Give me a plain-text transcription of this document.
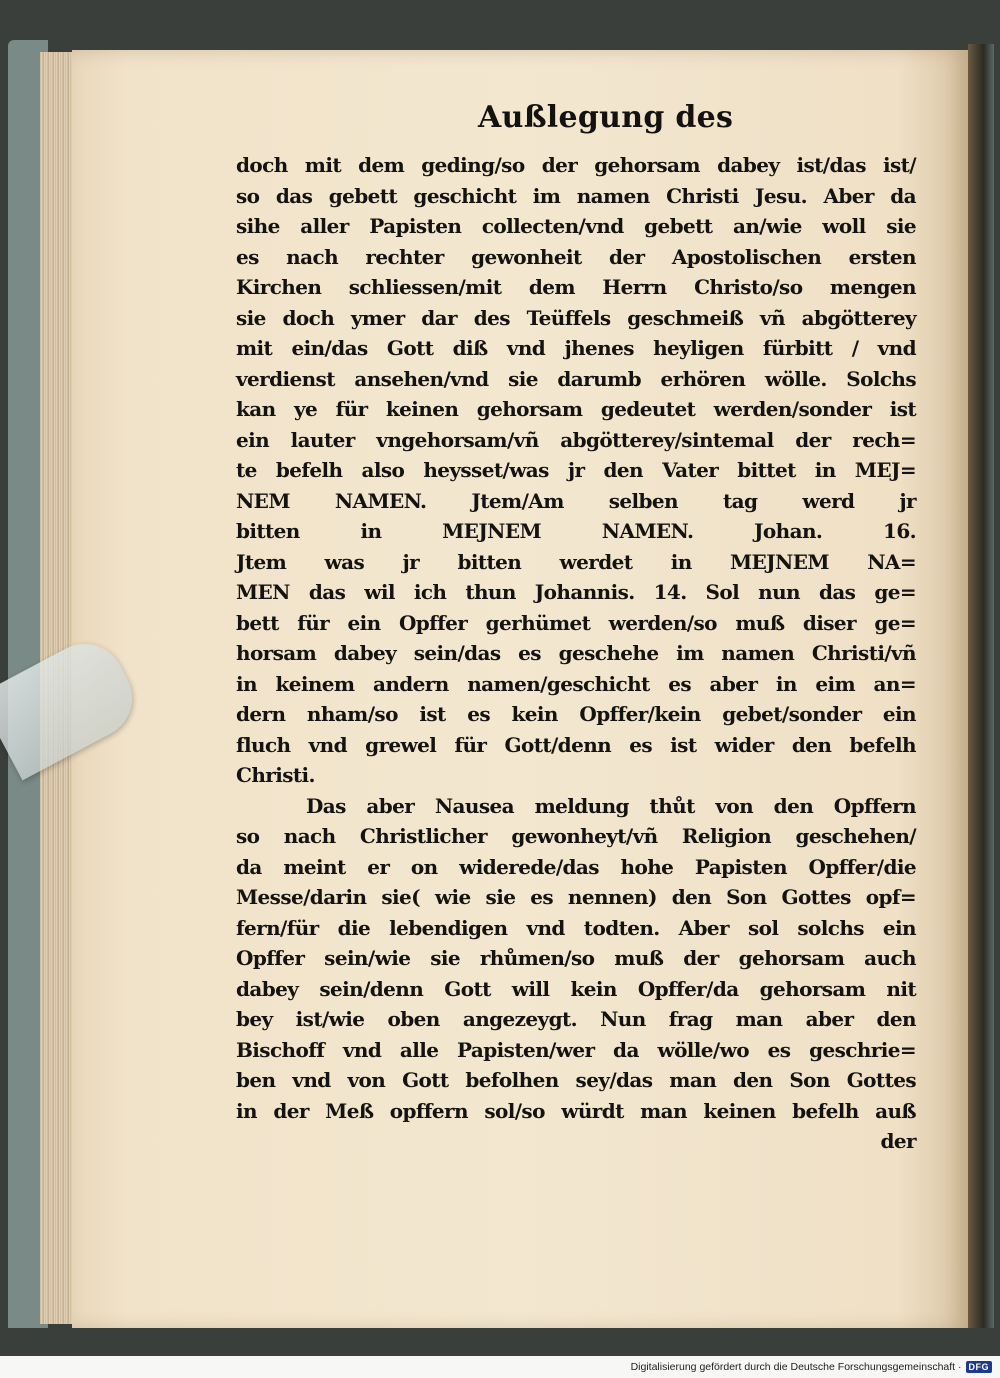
Außlegung des
doch mit dem geding/so der gehorsam dabey ist/das ist/
so das gebett geschicht im namen Christi Jesu. Aber da
sihe aller Papisten collecten/vnd gebett an/wie woll sie
es nach rechter gewonheit der Apostolischen ersten
Kirchen schliessen/mit dem Herrn Christo/so mengen
sie doch ymer dar des Teüffels geschmeiß vñ abgötterey
mit ein/das Gott diß vnd jhenes heyligen fürbitt / vnd
verdienst ansehen/vnd sie darumb erhören wölle. Solchs
kan ye für keinen gehorsam gedeutet werden/sonder ist
ein lauter vngehorsam/vñ abgötterey/sintemal der rech=
te befelh also heysset/was jr den Vater bittet in MEJ=
NEM NAMEN. Jtem/Am selben tag werd jr
bitten in MEJNEM NAMEN. Johan. 16.
Jtem was jr bitten werdet in MEJNEM NA=
MEN das wil ich thun Johannis. 14. Sol nun das ge=
bett für ein Opffer gerhümet werden/so muß diser ge=
horsam dabey sein/das es geschehe im namen Christi/vñ
in keinem andern namen/geschicht es aber in eim an=
dern nham/so ist es kein Opffer/kein gebet/sonder ein
fluch vnd grewel für Gott/denn es ist wider den befelh
Christi.
Das aber Nausea meldung thůt von den Opffern
so nach Christlicher gewonheyt/vñ Religion geschehen/
da meint er on widerede/das hohe Papisten Opffer/die
Messe/darin sie( wie sie es nennen) den Son Gottes opf=
fern/für die lebendigen vnd todten. Aber sol solchs ein
Opffer sein/wie sie rhůmen/so muß der gehorsam auch
dabey sein/denn Gott will kein Opffer/da gehorsam nit
bey ist/wie oben angezeygt. Nun frag man aber den
Bischoff vnd alle Papisten/wer da wölle/wo es geschrie=
ben vnd von Gott befolhen sey/das man den Son Gottes
in der Meß opffern sol/so würdt man keinen befelh auß
der
Digitalisierung gefördert durch die Deutsche Forschungsgemeinschaft · DFG
